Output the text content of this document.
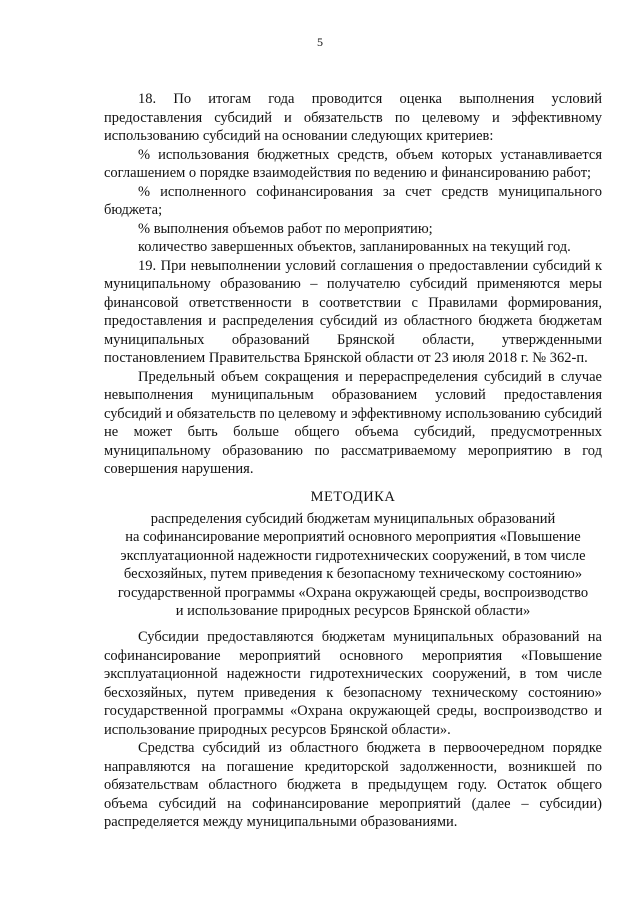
5

18. По итогам года проводится оценка выполнения условий предоставления субсидий и обязательств по целевому и эффективному использованию субсидий на основании следующих критериев:

% использования бюджетных средств, объем которых устанавливается соглашением о порядке взаимодействия по ведению и финансированию работ;

% исполненного софинансирования за счет средств муниципального бюджета;

% выполнения объемов работ по мероприятию;

количество завершенных объектов, запланированных на текущий год.

19. При невыполнении условий соглашения о предоставлении субсидий к муниципальному образованию – получателю субсидий применяются меры финансовой ответственности в соответствии с Правилами формирования, предоставления и распределения субсидий из областного бюджета бюджетам муниципальных образований Брянской области, утвержденными постановлением Правительства Брянской области от 23 июля 2018 г. № 362-п.

Предельный объем сокращения и перераспределения субсидий в случае невыполнения муниципальным образованием условий предоставления субсидий и обязательств по целевому и эффективному использованию субсидий не может быть больше общего объема субсидий, предусмотренных муниципальному образованию по рассматриваемому мероприятию в год совершения нарушения.

МЕТОДИКА

распределения субсидий бюджетам муниципальных образований

на софинансирование мероприятий основного мероприятия «Повышение

эксплуатационной надежности гидротехнических сооружений, в том числе

бесхозяйных, путем приведения к безопасному техническому состоянию»

государственной программы «Охрана окружающей среды, воспроизводство

и использование природных ресурсов Брянской области»

Субсидии предоставляются бюджетам муниципальных образований на софинансирование мероприятий основного мероприятия «Повышение эксплуатационной надежности гидротехнических сооружений, в том числе бесхозяйных, путем приведения к безопасному техническому состоянию» государственной программы «Охрана окружающей среды, воспроизводство и использование природных ресурсов Брянской области».

Средства субсидий из областного бюджета в первоочередном порядке направляются на погашение кредиторской задолженности, возникшей по обязательствам областного бюджета в предыдущем году. Остаток общего объема субсидий на софинансирование мероприятий (далее – субсидии) распределяется между муниципальными образованиями.
